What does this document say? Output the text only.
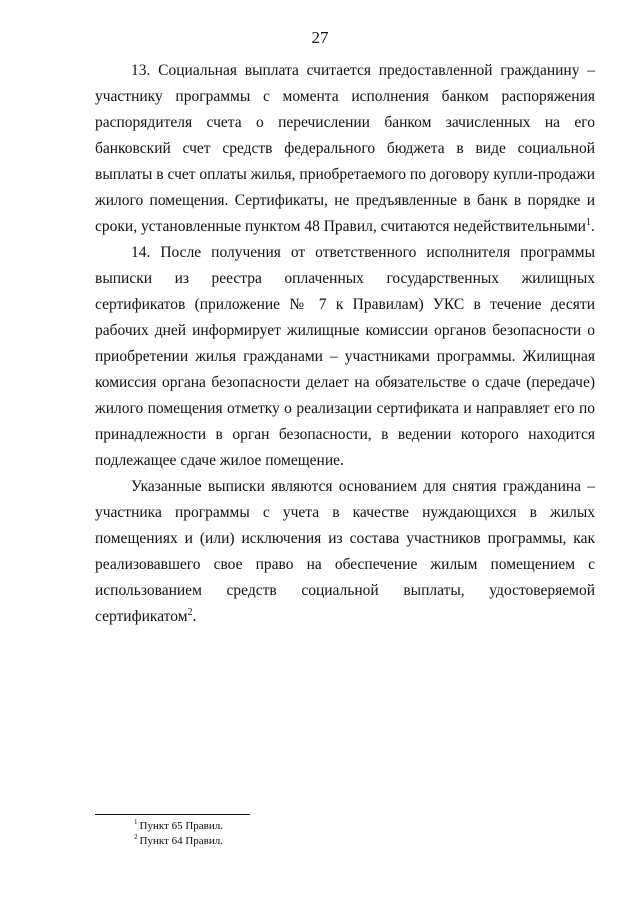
27

13. Социальная выплата считается предоставленной гражданину – участнику программы с момента исполнения банком распоряжения распорядителя счета о перечислении банком зачисленных на его банковский счет средств федерального бюджета в виде социальной выплаты в счет оплаты жилья, приобретаемого по договору купли-продажи жилого помещения. Сертификаты, не предъявленные в банк в порядке и сроки, установленные пунктом 48 Правил, считаются недействительными$^1$.

14. После получения от ответственного исполнителя программы выписки из реестра оплаченных государственных жилищных сертификатов (приложение № 7 к Правилам) УКС в течение десяти рабочих дней информирует жилищные комиссии органов безопасности о приобретении жилья гражданами – участниками программы. Жилищная комиссия органа безопасности делает на обязательстве о сдаче (передаче) жилого помещения отметку о реализации сертификата и направляет его по принадлежности в орган безопасности, в ведении которого находится подлежащее сдаче жилое помещение.

Указанные выписки являются основанием для снятия гражданина – участника программы с учета в качестве нуждающихся в жилых помещениях и (или) исключения из состава участников программы, как реализовавшего свое право на обеспечение жилым помещением с использованием средств социальной выплаты, удостоверяемой сертификатом$^2$.

$^1$ Пункт 65 Правил.
$^2$ Пункт 64 Правил.
